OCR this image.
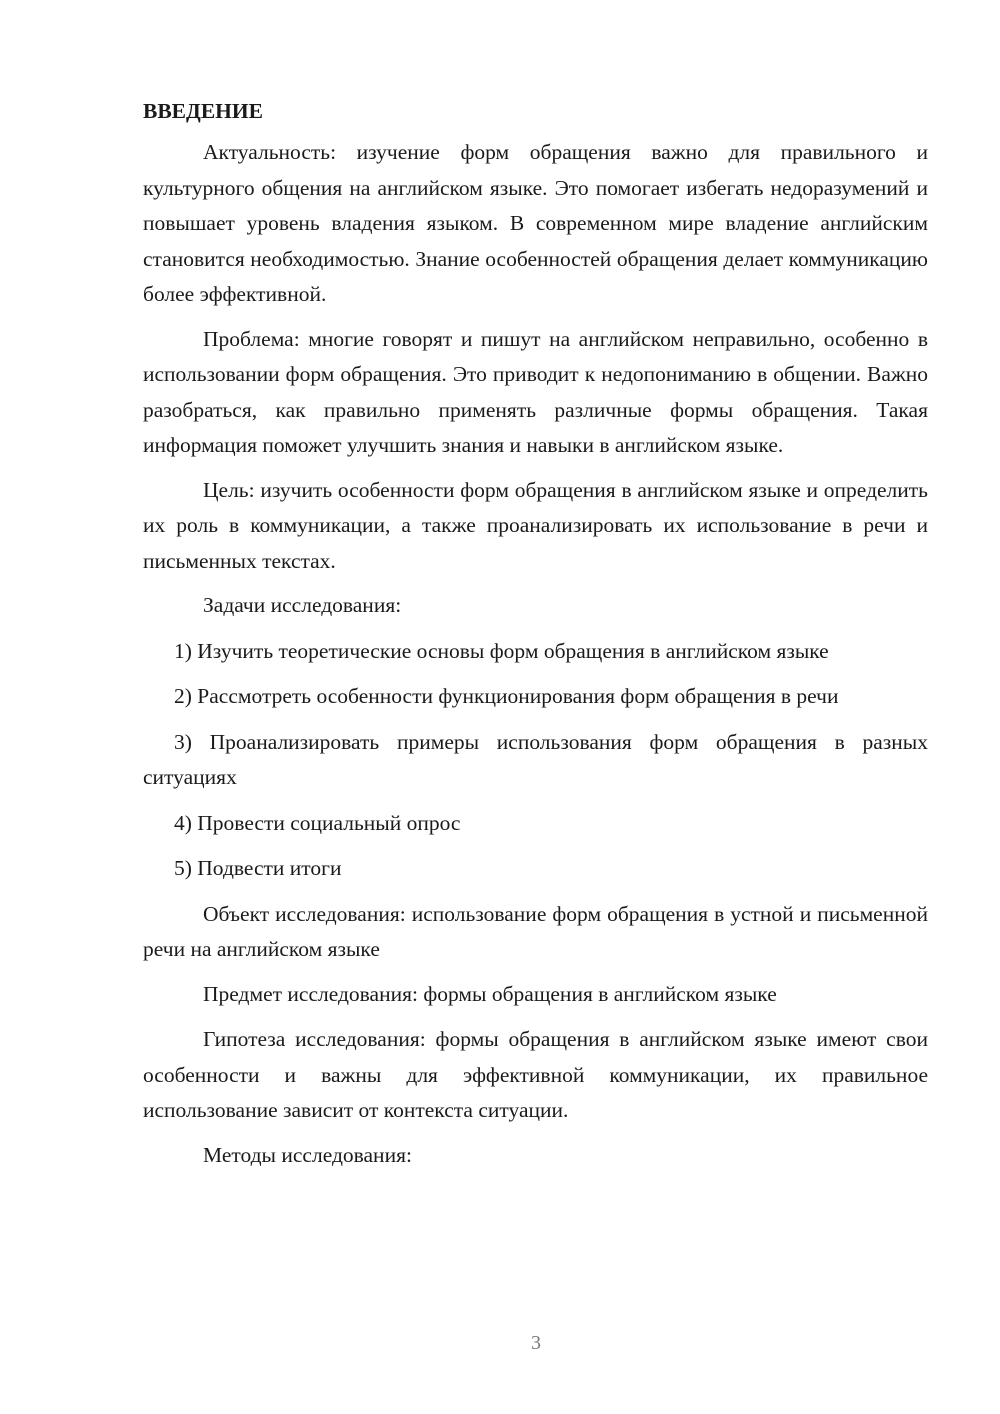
ВВЕДЕНИЕ

Актуальность: изучение форм обращения важно для правильного и культурного общения на английском языке. Это помогает избегать недоразумений и повышает уровень владения языком. В современном мире владение английским становится необходимостью. Знание особенностей обращения делает коммуникацию более эффективной.

Проблема: многие говорят и пишут на английском неправильно, особенно в использовании форм обращения. Это приводит к недопониманию в общении. Важно разобраться, как правильно применять различные формы обращения. Такая информация поможет улучшить знания и навыки в английском языке.

Цель: изучить особенности форм обращения в английском языке и определить их роль в коммуникации, а также проанализировать их использование в речи и письменных текстах.

Задачи исследования:

1) Изучить теоретические основы форм обращения в английском языке

2) Рассмотреть особенности функционирования форм обращения в речи

3) Проанализировать примеры использования форм обращения в разных ситуациях

4) Провести социальный опрос

5) Подвести итоги

Объект исследования: использование форм обращения в устной и письменной речи на английском языке

Предмет исследования: формы обращения в английском языке

Гипотеза исследования: формы обращения в английском языке имеют свои особенности и важны для эффективной коммуникации, их правильное использование зависит от контекста ситуации.

Методы исследования:

3
